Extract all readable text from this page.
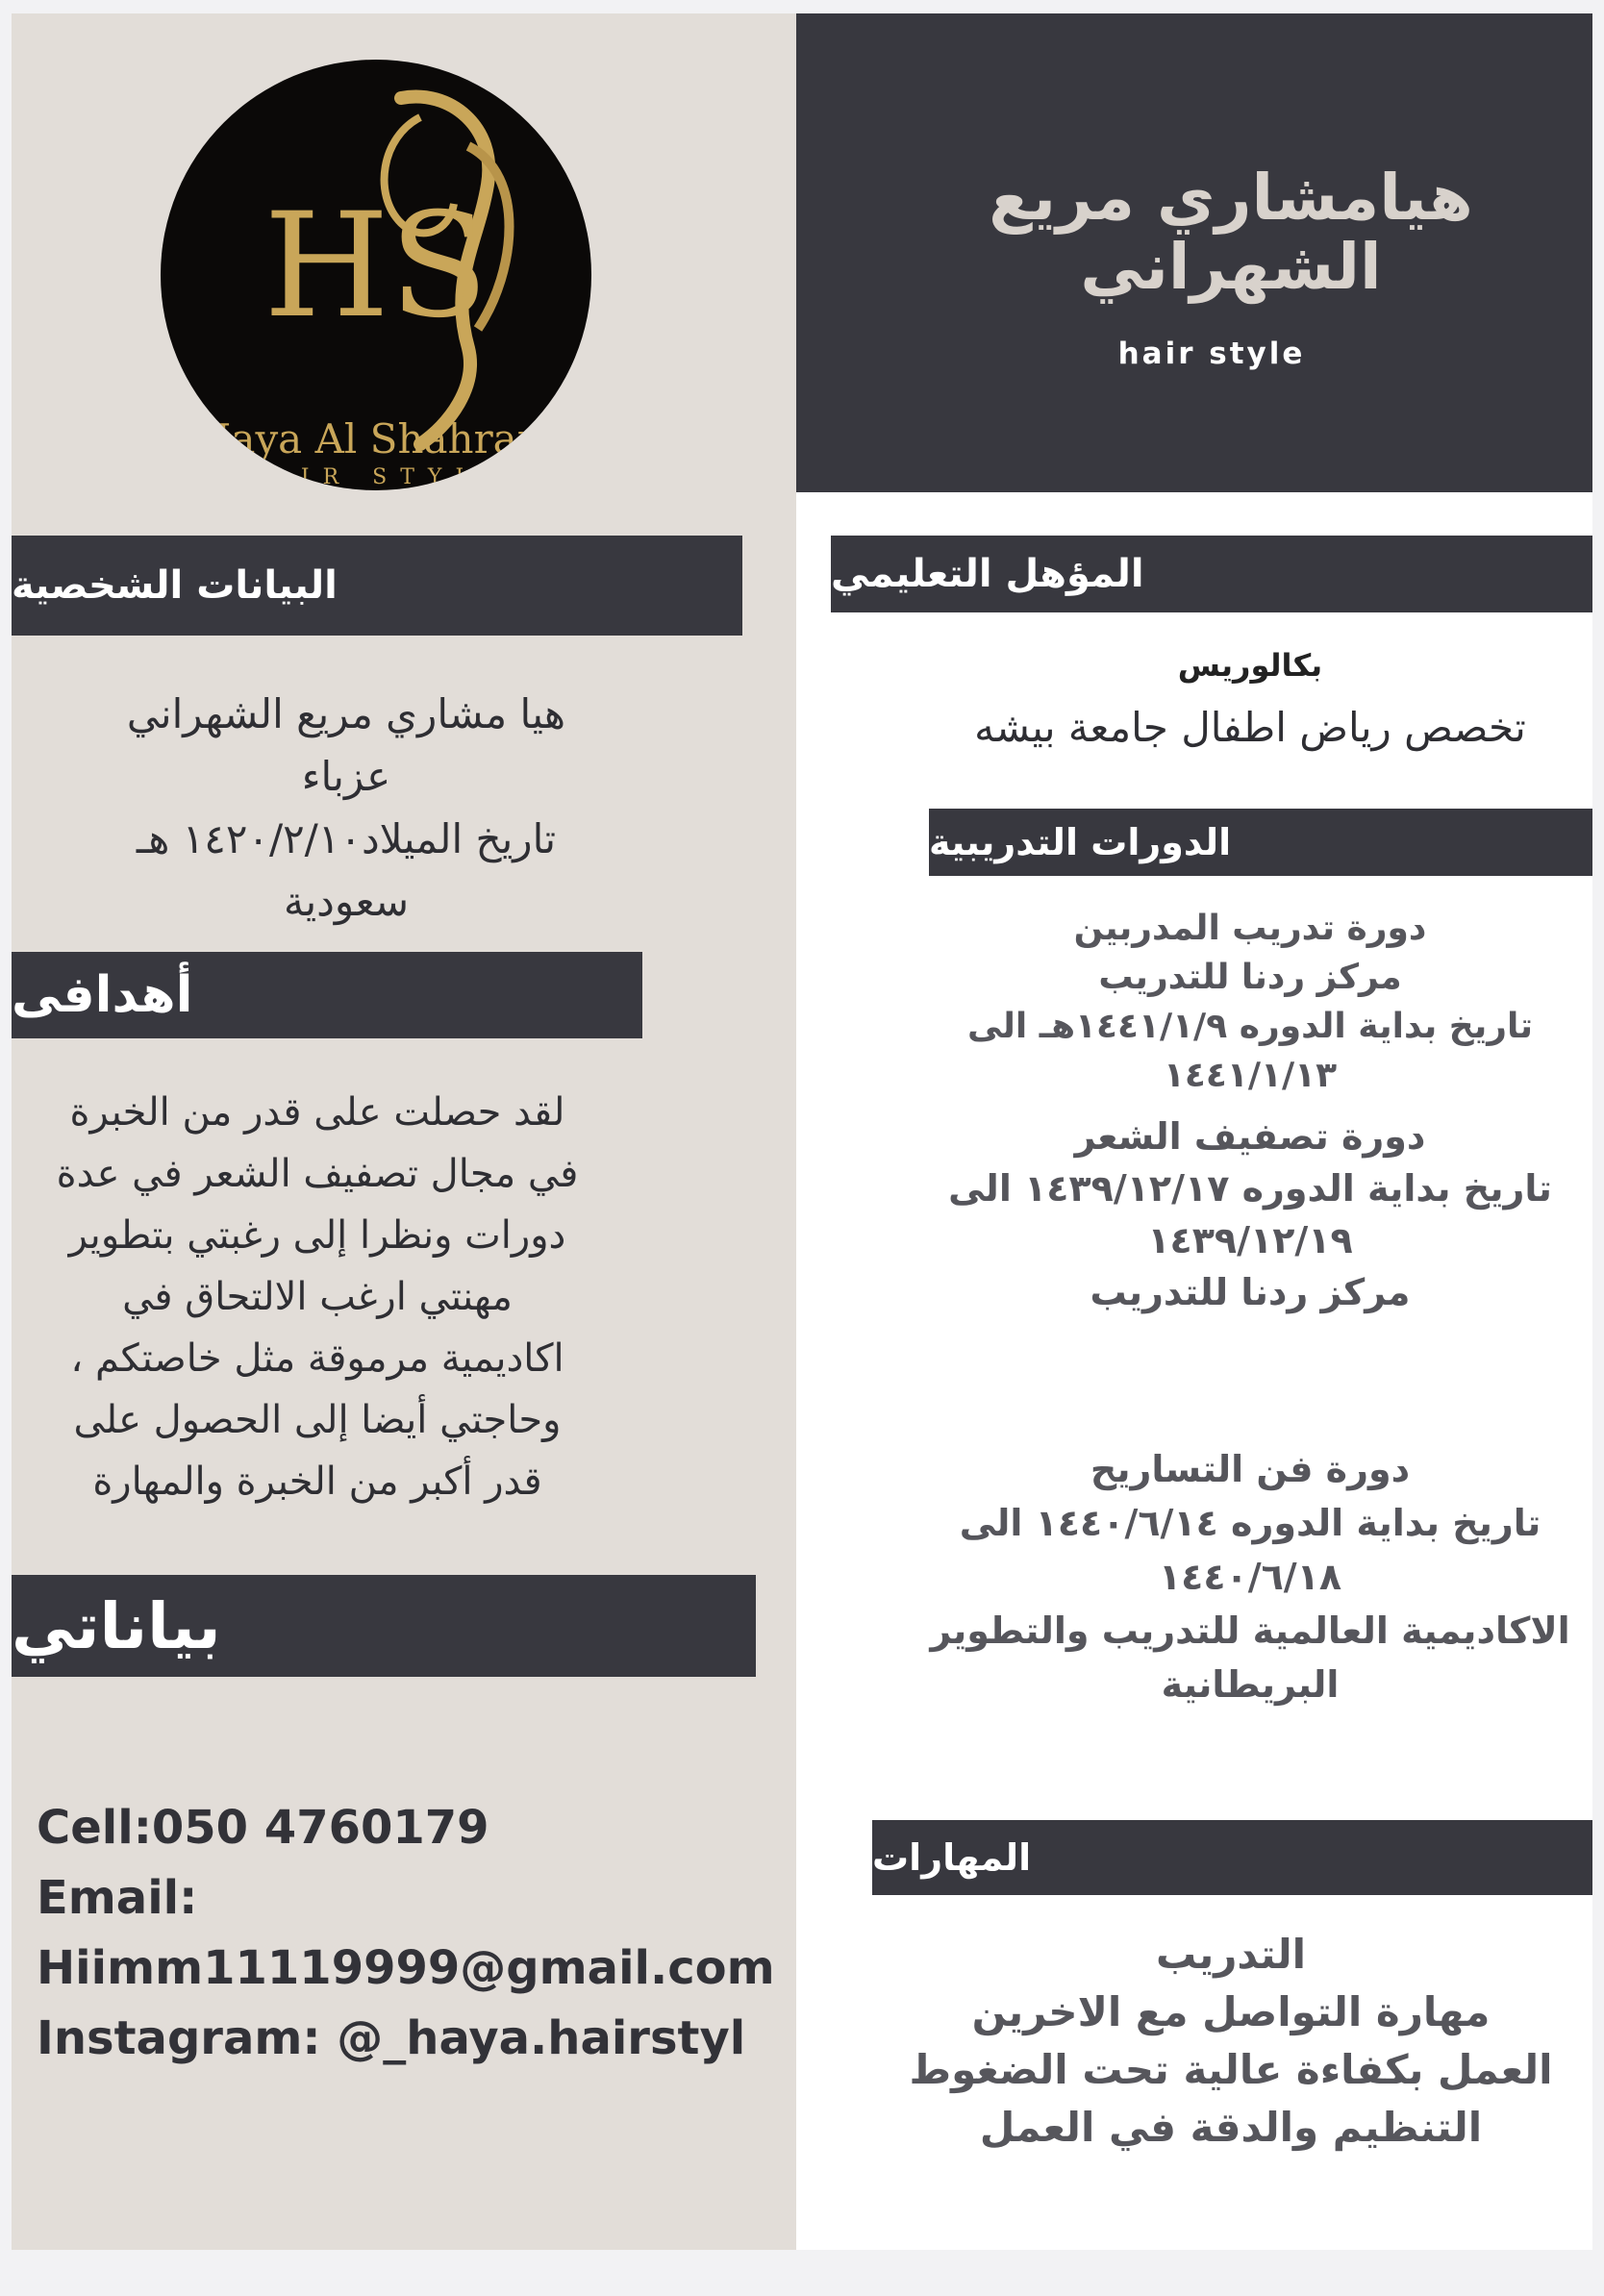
هيامشاري مريع
الشهراني
hair style
HS
Haya Al Shahrani
HAIR STYLE
البيانات الشخصية
هيا مشاري مريع الشهراني
عزباء
تاريخ الميلاد١٤٢٠/٢/١٠ هـ
سعودية
أهدافى
لقد حصلت على قدر من الخبرة
في مجال تصفيف الشعر في عدة
دورات ونظرا إلى رغبتي بتطوير
مهنتي ارغب الالتحاق في
اكاديمية مرموقة مثل خاصتكم ،
وحاجتي أيضا إلى الحصول على
قدر أكبر من الخبرة والمهارة
بياناتي
Cell:050 4760179
Email:
Hiimm11119999@gmail.com
Instagram: @_haya.hairstyl
المؤهل التعليمي
بكالوريس
تخصص رياض اطفال جامعة بيشه
الدورات التدريبية
دورة تدريب المدربين
مركز ردنا للتدريب
تاريخ بداية الدوره ١٤٤١/١/٩هـ الى
١٤٤١/١/١٣
دورة تصفيف الشعر
تاريخ بداية الدوره ١٤٣٩/١٢/١٧ الى
١٤٣٩/١٢/١٩
مركز ردنا للتدريب
دورة فن التساريح
تاريخ بداية الدوره ١٤٤٠/٦/١٤ الى
١٤٤٠/٦/١٨
الاكاديمية العالمية للتدريب والتطوير
البريطانية
المهارات
التدريب
مهارة التواصل مع الاخرين
العمل بكفاءة عالية تحت الضغوط
التنظيم والدقة في العمل
